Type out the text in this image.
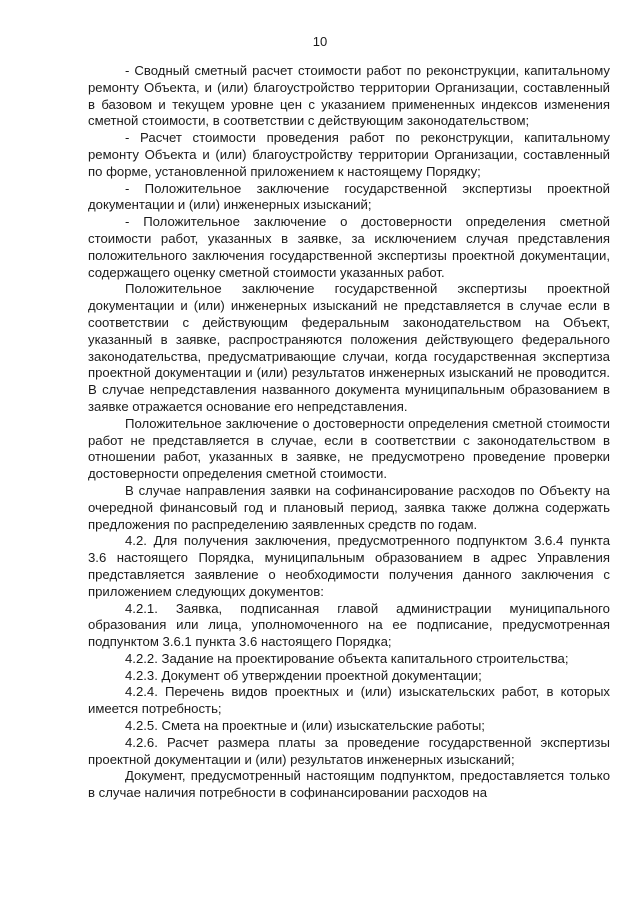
10

- Сводный сметный расчет стоимости работ по реконструкции, капитальному ремонту Объекта, и (или) благоустройство территории Организации, составленный в базовом и текущем уровне цен с указанием примененных индексов изменения сметной стоимости, в соответствии с действующим законодательством;

- Расчет стоимости проведения работ по реконструкции, капитальному ремонту Объекта и (или) благоустройству территории Организации, составленный по форме, установленной приложением к настоящему Порядку;

- Положительное заключение государственной экспертизы проектной документации и (или) инженерных изысканий;

- Положительное заключение о достоверности определения сметной стоимости работ, указанных в заявке, за исключением случая представления положительного заключения государственной экспертизы проектной документации, содержащего оценку сметной стоимости указанных работ.

Положительное заключение государственной экспертизы проектной документации и (или) инженерных изысканий не представляется в случае если в соответствии с действующим федеральным законодательством на Объект, указанный в заявке, распространяются положения действующего федерального законодательства, предусматривающие случаи, когда государственная экспертиза проектной документации и (или) результатов инженерных изысканий не проводится. В случае непредставления названного документа муниципальным образованием в заявке отражается основание его непредставления.

Положительное заключение о достоверности определения сметной стоимости работ не представляется в случае, если в соответствии с законодательством в отношении работ, указанных в заявке, не предусмотрено проведение проверки достоверности определения сметной стоимости.

В случае направления заявки на софинансирование расходов по Объекту на очередной финансовый год и плановый период, заявка также должна содержать предложения по распределению заявленных средств по годам.

4.2. Для получения заключения, предусмотренного подпунктом 3.6.4 пункта 3.6 настоящего Порядка, муниципальным образованием в адрес Управления представляется заявление о необходимости получения данного заключения с приложением следующих документов:

4.2.1. Заявка, подписанная главой администрации муниципального образования или лица, уполномоченного на ее подписание, предусмотренная подпунктом 3.6.1 пункта 3.6 настоящего Порядка;

4.2.2. Задание на проектирование объекта капитального строительства;

4.2.3. Документ об утверждении проектной документации;

4.2.4. Перечень видов проектных и (или) изыскательских работ, в которых имеется потребность;

4.2.5. Смета на проектные и (или) изыскательские работы;

4.2.6. Расчет размера платы за проведение государственной экспертизы проектной документации и (или) результатов инженерных изысканий;

Документ, предусмотренный настоящим подпунктом, предоставляется только в случае наличия потребности в софинансировании расходов на
